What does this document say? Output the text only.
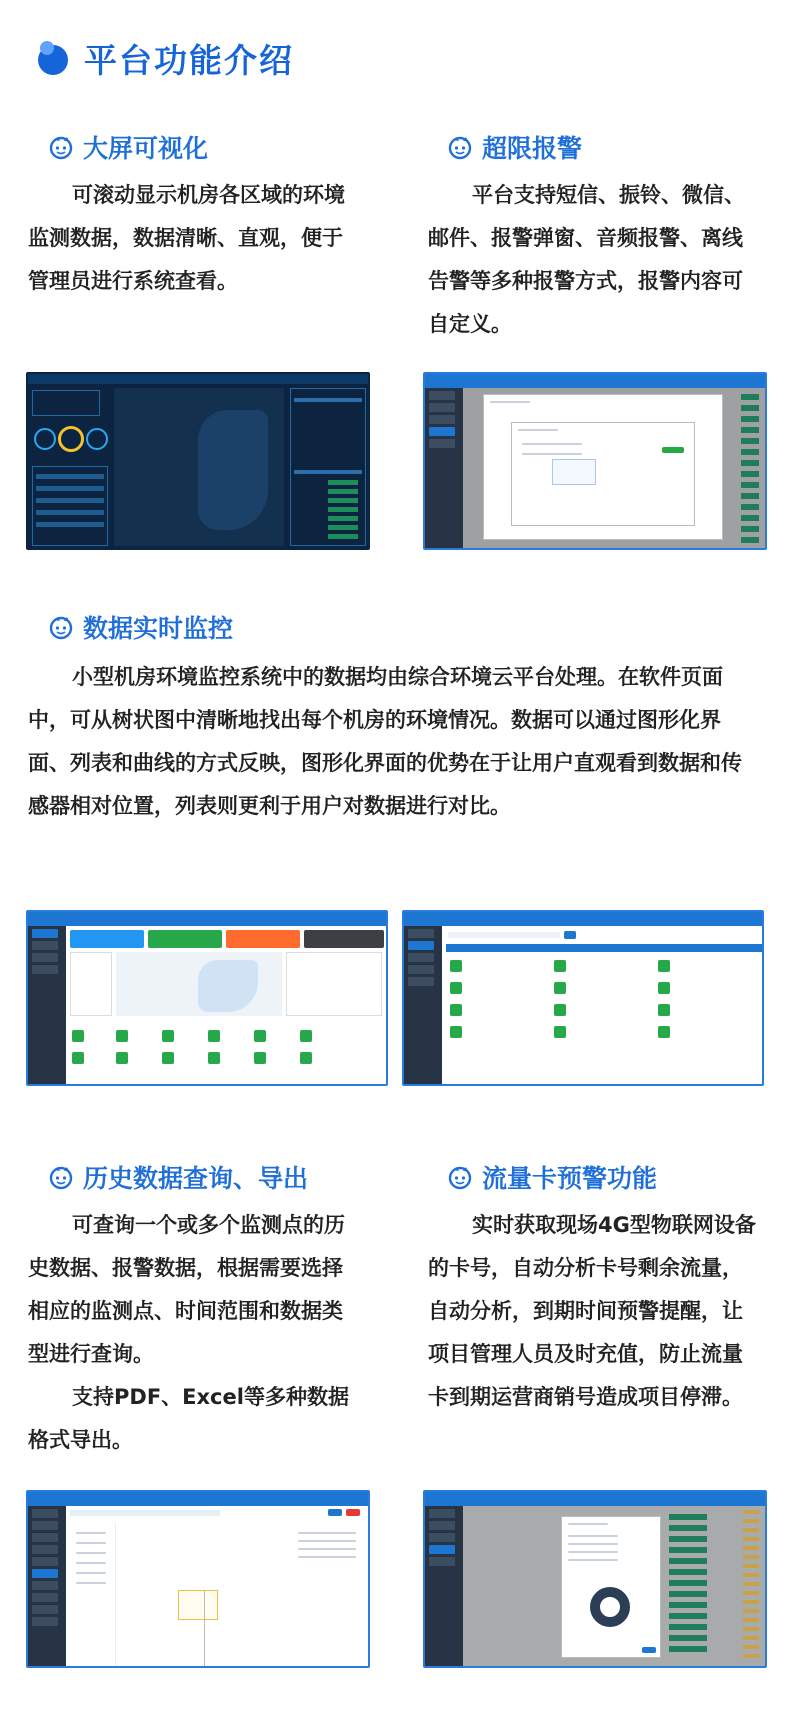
平台功能介绍
大屏可视化
可滚动显示机房各区域的环境监测数据，数据清晰、直观，便于管理员进行系统查看。
超限报警
平台支持短信、振铃、微信、邮件、报警弹窗、音频报警、离线告警等多种报警方式，报警内容可自定义。
数据实时监控
小型机房环境监控系统中的数据均由综合环境云平台处理。在软件页面中，可从树状图中清晰地找出每个机房的环境情况。数据可以通过图形化界面、列表和曲线的方式反映，图形化界面的优势在于让用户直观看到数据和传感器相对位置，列表则更利于用户对数据进行对比。
历史数据查询、导出
可查询一个或多个监测点的历史数据、报警数据，根据需要选择相应的监测点、时间范围和数据类型进行查询。
支持PDF、Excel等多种数据格式导出。
流量卡预警功能
实时获取现场4G型物联网设备的卡号，自动分析卡号剩余流量，自动分析，到期时间预警提醒，让项目管理人员及时充值，防止流量卡到期运营商销号造成项目停滞。
